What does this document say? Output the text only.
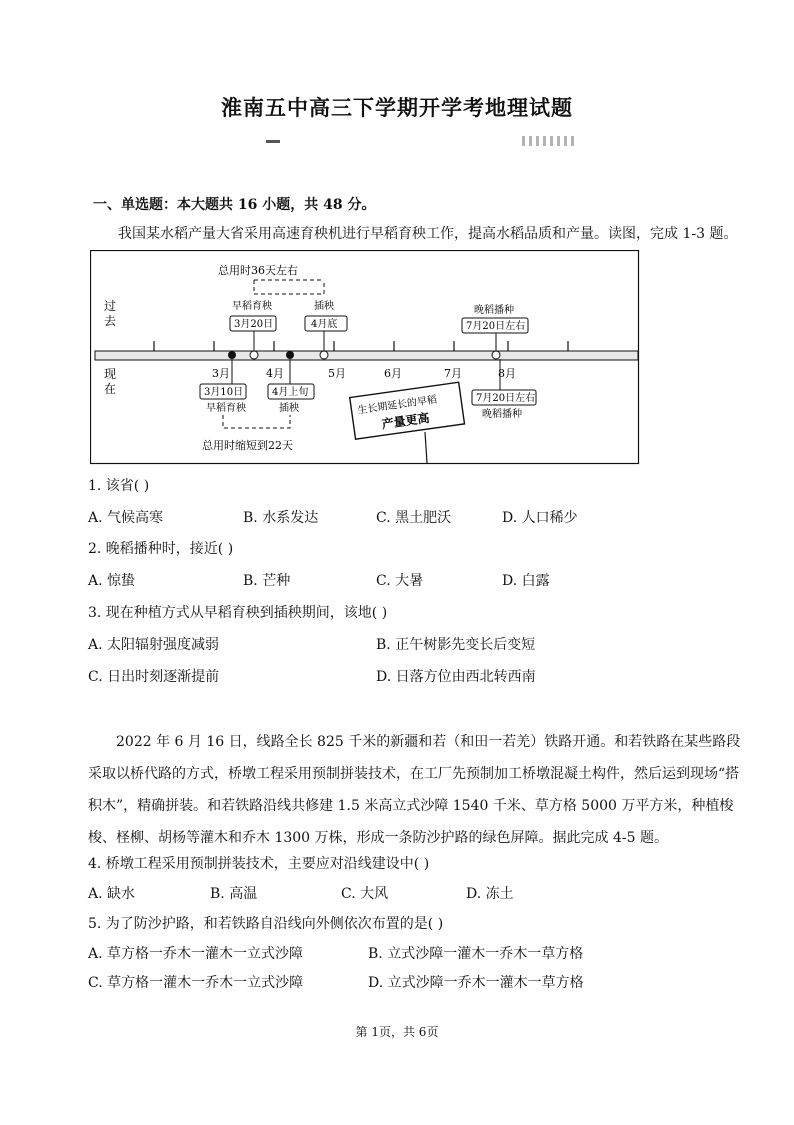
淮南五中高三下学期开学考地理试题
一、单选题：本大题共 16 小题，共 48 分。
我国某水稻产量大省采用高速育秧机进行早稻育秧工作，提高水稻品质和产量。读图，完成 1-3 题。
过
去
现
在
3月	4月	5月	6月	7月	8月
总用时36天左右
早稻育秧
3月20日
插秧
4月底
晚稻播种
7月20日左右
3月10日
早稻育秧
4月上旬
插秧
总用时缩短到22天
7月20日左右
晚稻播种
生长期延长的早稻
产量更高
1. 该省( )
A. 气候高寒	B. 水系发达	C. 黑土肥沃	D. 人口稀少
2. 晚稻播种时，接近( )
A. 惊蛰	B. 芒种	C. 大暑	D. 白露
3. 现在种植方式从早稻育秧到插秧期间，该地( )
A. 太阳辐射强度减弱	B. 正午树影先变长后变短
C. 日出时刻逐渐提前	D. 日落方位由西北转西南
2022 年 6 月 16 日，线路全长 825 千米的新疆和若（和田一若羌）铁路开通。和若铁路在某些路段采取以桥代路的方式，桥墩工程采用预制拼装技术，在工厂先预制加工桥墩混凝土构件，然后运到现场“搭积木”，精确拼装。和若铁路沿线共修建 1.5 米高立式沙障 1540 千米、草方格 5000 万平方米，种植梭梭、柽柳、胡杨等灌木和乔木 1300 万株，形成一条防沙护路的绿色屏障。据此完成 4-5 题。
4. 桥墩工程采用预制拼装技术，主要应对沿线建设中( )
A. 缺水	B. 高温	C. 大风	D. 冻土
5. 为了防沙护路，和若铁路自沿线向外侧依次布置的是( )
A. 草方格一乔木一灌木一立式沙障	B. 立式沙障一灌木一乔木一草方格
C. 草方格一灌木一乔木一立式沙障	D. 立式沙障一乔木一灌木一草方格
第 1页，共 6页
